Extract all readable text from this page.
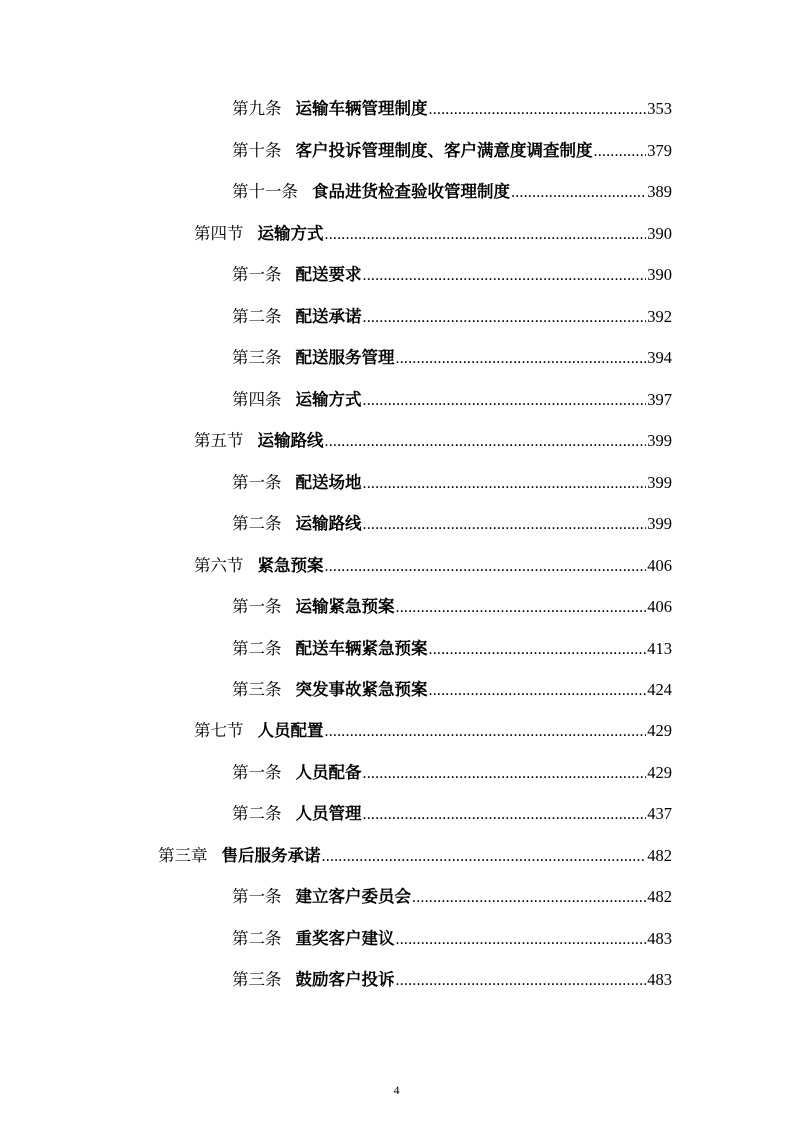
第九条 运输车辆管理制度 .....	353
第十条 客户投诉管理制度、客户满意度调查制度 .....	379
第十一条 食品进货检查验收管理制度 .....	389
第四节 运输方式 .....	390
第一条 配送要求 .....	390
第二条 配送承诺 .....	392
第三条 配送服务管理 .....	394
第四条 运输方式 .....	397
第五节 运输路线 .....	399
第一条 配送场地 .....	399
第二条 运输路线 .....	399
第六节 紧急预案 .....	406
第一条 运输紧急预案 .....	406
第二条 配送车辆紧急预案 .....	413
第三条 突发事故紧急预案 .....	424
第七节 人员配置 .....	429
第一条 人员配备 .....	429
第二条 人员管理 .....	437
第三章 售后服务承诺 .....	482
第一条 建立客户委员会 .....	482
第二条 重奖客户建议 .....	483
第三条 鼓励客户投诉 .....	483
4
